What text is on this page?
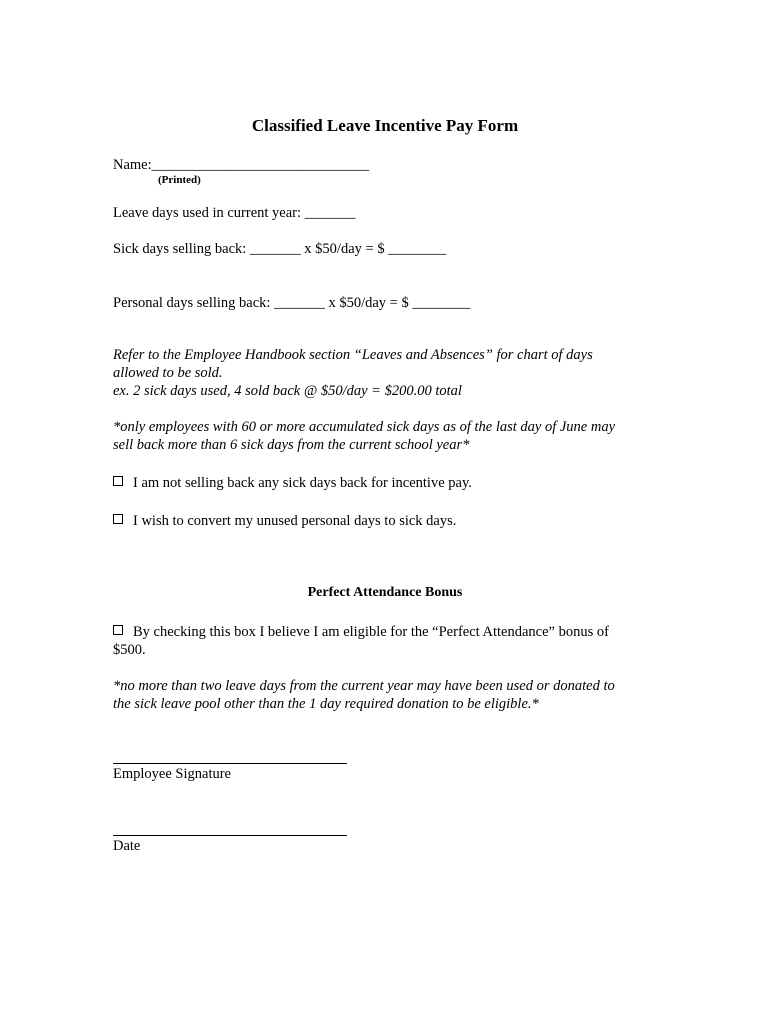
Classified Leave Incentive Pay Form
Name:______________________________
(Printed)
Leave days used in current year: _______
Sick days selling back: _______ x $50/day = $ ________
Personal days selling back: _______ x $50/day = $ ________
Refer to the Employee Handbook section “Leaves and Absences” for chart of days
allowed to be sold.
ex. 2 sick days used, 4 sold back @ $50/day = $200.00 total
*only employees with 60 or more accumulated sick days as of the last day of June may
sell back more than 6 sick days from the current school year*
I am not selling back any sick days back for incentive pay.
I wish to convert my unused personal days to sick days.
Perfect Attendance Bonus
By checking this box I believe I am eligible for the “Perfect Attendance” bonus of
$500.
*no more than two leave days from the current year may have been used or donated to
the sick leave pool other than the 1 day required donation to be eligible.*
Employee Signature
Date
